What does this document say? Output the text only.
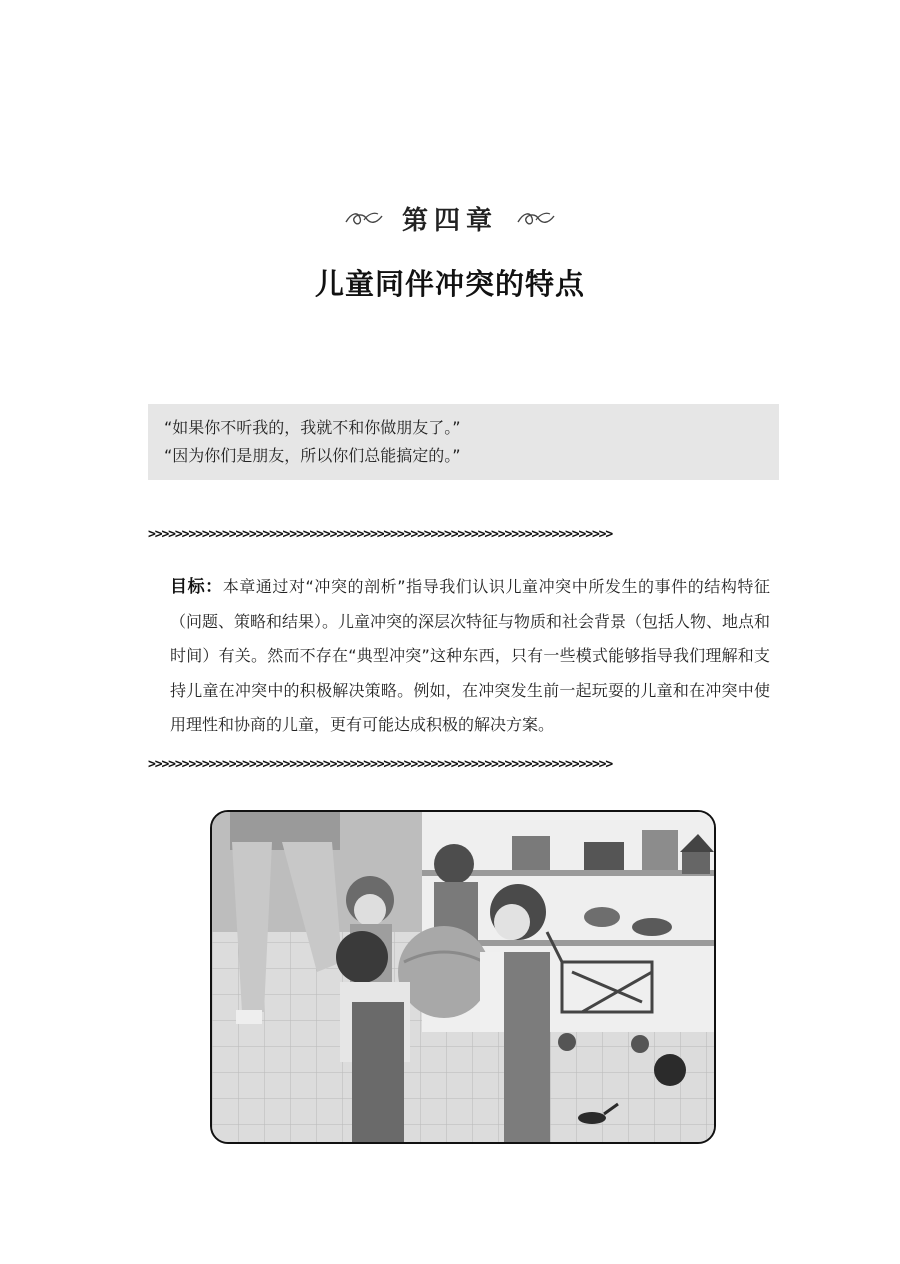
第四章
儿童同伴冲突的特点
“如果你不听我的，我就不和你做朋友了。”
“因为你们是朋友，所以你们总能搞定的。”
>>>>>>>>>>>>>>>>>>>>>>>>>>>>>>>>>>>>>>>>>>>>>>>>>>>>>>>>>>>>>>>>>>>>>
目标：本章通过对“冲突的剖析”指导我们认识儿童冲突中所发生的事件的结构特征（问题、策略和结果）。儿童冲突的深层次特征与物质和社会背景（包括人物、地点和时间）有关。然而不存在“典型冲突”这种东西，只有一些模式能够指导我们理解和支持儿童在冲突中的积极解决策略。例如，在冲突发生前一起玩耍的儿童和在冲突中使用理性和协商的儿童，更有可能达成积极的解决方案。
>>>>>>>>>>>>>>>>>>>>>>>>>>>>>>>>>>>>>>>>>>>>>>>>>>>>>>>>>>>>>>>>>>>>>
